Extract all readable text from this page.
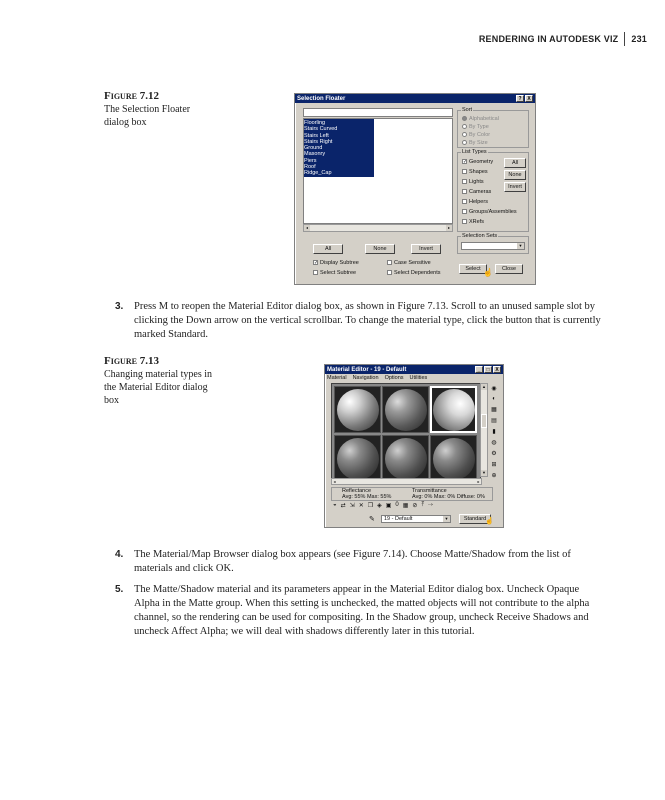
RENDERING IN AUTODESK VIZ 231
Figure 7.12
The Selection Floater dialog box
Selection Floater	?	X
Floorling
Stairs Curved
Stairs Left
Stairs Right
Ground
Masonry
Piers
Roof
Ridge_Cap
◂	▸
Sort
Alphabetical
By Type
By Color
By Size
List Types
✓ Geometry
Shapes
Lights
Cameras
Helpers
Groups/Assemblies
XRefs
All
None
Invert
Selection Sets
▼
All	None	Invert
✓ Display Subtree
Select Subtree
Case Sensitive
Select Dependents
Select ☝	Close
3. Press M to reopen the Material Editor dialog box, as shown in Figure 7.13. Scroll to an unused sample slot by clicking the Down arrow on the vertical scrollbar. To change the material type, click the button that is currently marked Standard.
Figure 7.13
Changing material types in the Material Editor dialog box
Material Editor - 19 - Default	_	□	X
Material Navigation Options Utilities
▲
▼
◂	▸
◉
◐
▦
▤
▮
◍
⚙
⊞
⊕
Reflectance
Avg: 55% Max: 55%
Transmittance
Avg: 0% Max: 0% Diffuse: 0%
◒ ⇄ ⇲ ✕ ❐ ◈ ▣ 0 ▦ ⊘ ⤒ ⤑
✎	19 - Default	▼	Standard
☝
4. The Material/Map Browser dialog box appears (see Figure 7.14). Choose Matte/Shadow from the list of materials and click OK.
5. The Matte/Shadow material and its parameters appear in the Material Editor dialog box. Uncheck Opaque Alpha in the Matte group. When this setting is unchecked, the matted objects will not contribute to the alpha channel, so the rendering can be used for compositing. In the Shadow group, uncheck Receive Shadows and uncheck Affect Alpha; we will deal with shadows differently later in this tutorial.
